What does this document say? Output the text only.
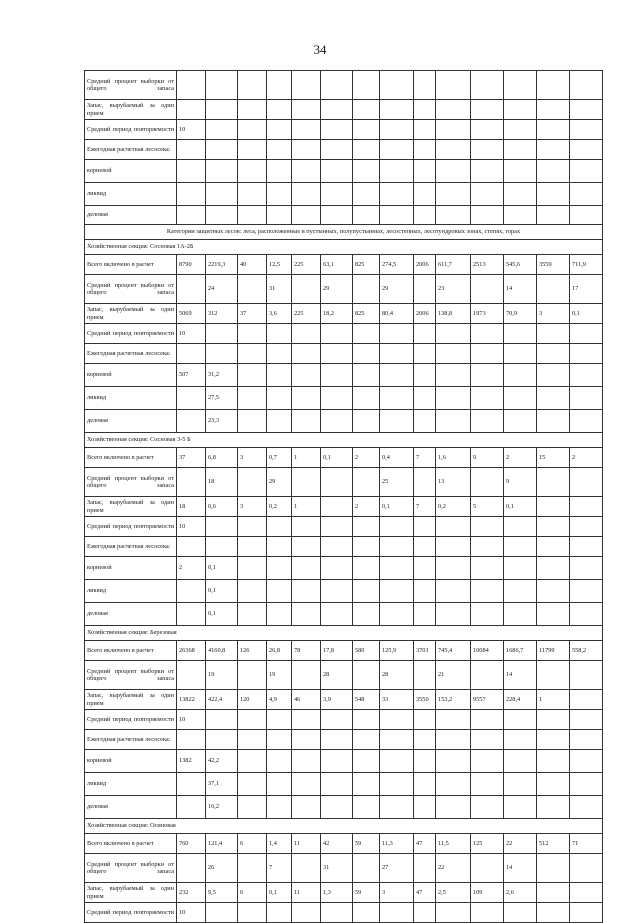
34
Средний процент выборки от общего запаса														
Запас, вырубаемый за один прием														
Средний период повторяемости	10													
Ежегодная расчетная лесосека:														
корневой														
ликвид														
деловая														
Категории защитных лесов: леса, расположенные в пустынных, полупустынных, лесостепных, лесотундровых зонах, степях, горах														
Хозяйственная секция: Сосновая 1А-2Б														
Всего включено в расчет	8790	2219,3	40	12,5	225	63,1	825	274,5	2006	611,7	2513	545,6	3559	711,9
Средний процент выборки от общего запаса		24		31		29		29		23		14		17
Запас, вырубаемый за один прием	5069	312	37	3,6	225	18,2	825	80,4	2006	138,8	1973	70,9	3	0,1
Средний период повторяемости	10													
Ежегодная расчетная лесосека:														
корневой	507	31,2												
ликвид		27,5												
деловая		23,3												
Хозяйственная секция: Сосновая 3-5 Б														
Всего включено в расчет	37	6,8	3	0,7	1	0,1	2	0,4	7	1,6	9	2	15	2
Средний процент выборки от общего запаса		18		29				25		13		9		
Запас, вырубаемый за один прием	18	0,6	3	0,2	1		2	0,1	7	0,2	5	0,1		
Средний период повторяемости	10													
Ежегодная расчетная лесосека:														
корневой	2	0,1												
ликвид		0,1												
деловая		0,1												
Хозяйственная секция: Березовая														
Всего включено в расчет	26368	4160,8	126	26,8	78	17,8	580	125,9	3701	745,4	10084	1686,7	11799	558,2
Средний процент выборки от общего запаса		19		19		28		28		21		14		
Запас, вырубаемый за один прием	13822	422,4	120	4,9	46	3,9	548	33	3550	153,2	9557	228,4	1	
Средний период повторяемости	10													
Ежегодная расчетная лесосека:														
корневой	1382	42,2												
ликвид		37,1												
деловая		16,2												
Хозяйственная секция: Осиновая														
Всего включено в расчет	760	121,4	6	1,4	11	42	59	11,3	47	11,5	125	22	512	71
Средний процент выборки от общего запаса		26		7		31		27		22		14		
Запас, вырубаемый за один прием	232	9,5	6	0,1	11	1,3	59	3	47	2,5	109	2,6		
Средний период повторяемости	10													
